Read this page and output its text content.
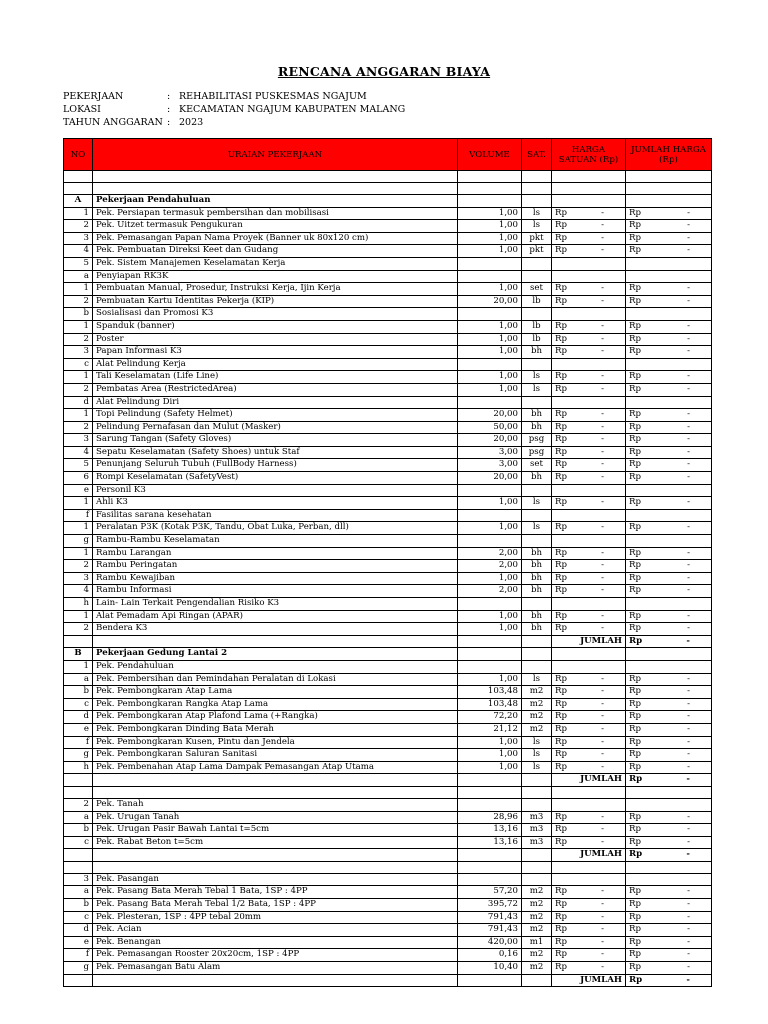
RENCANA ANGGARAN BIAYA
PEKERJAAN	: REHABILITASI PUSKESMAS NGAJUM
LOKASI	: KECAMATAN NGAJUM KABUPATEN MALANG
TAHUN ANGGARAN : 2023
NO	URAIAN PEKERJAAN	VOLUME	SAT.	HARGA SATUAN (Rp)	JUMLAH HARGA (Rp)

A	Pekerjaan Pendahuluan				
1	Pek. Persiapan termasuk pembersihan dan mobilisasi	1,00	ls	Rp -	Rp -

2	Pek. Uitzet termasuk Pengukuran	1,00	ls	Rp -	Rp -

3	Pek. Pemasangan Papan Nama Proyek (Banner uk 80x120 cm)	1,00	pkt	Rp -	Rp -

4	Pek. Pembuatan Direksi Keet dan Gudang	1,00	pkt	Rp -	Rp -

5	Pek. Sistem Manajemen Keselamatan Kerja				
a	Penyiapan RK3K				
1	Pembuatan Manual, Prosedur, Instruksi Kerja, Ijin Kerja	1,00	set	Rp -	Rp -

2	Pembuatan Kartu Identitas Pekerja (KIP)	20,00	lb	Rp -	Rp -

b	Sosialisasi dan Promosi K3				
1	Spanduk (banner)	1,00	lb	Rp -	Rp -

2	Poster	1,00	lb	Rp -	Rp -

3	Papan Informasi K3	1,00	bh	Rp -	Rp -

c	Alat Pelindung Kerja				
1	Tali Keselamatan (Life Line)	1,00	ls	Rp -	Rp -

2	Pembatas Area (RestrictedArea)	1,00	ls	Rp -	Rp -

d	Alat Pelindung Diri				
1	Topi Pelindung (Safety Helmet)	20,00	bh	Rp -	Rp -

2	Pelindung Pernafasan dan Mulut (Masker)	50,00	bh	Rp -	Rp -

3	Sarung Tangan (Safety Gloves)	20,00	psg	Rp -	Rp -

4	Sepatu Keselamatan (Safety Shoes) untuk Staf	3,00	psg	Rp -	Rp -

5	Penunjang Seluruh Tubuh (FullBody Harness)	3,00	set	Rp -	Rp -

6	Rompi Keselamatan (SafetyVest)	20,00	bh	Rp -	Rp -

e	Personil K3				
1	Ahli K3	1,00	ls	Rp -	Rp -

f	Fasilitas sarana kesehatan				
1	Peralatan P3K (Kotak P3K, Tandu, Obat Luka, Perban, dll)	1,00	ls	Rp -	Rp -

g	Rambu-Rambu Keselamatan				
1	Rambu Larangan	2,00	bh	Rp -	Rp -

2	Rambu Peringatan	2,00	bh	Rp -	Rp -

3	Rambu Kewajiban	1,00	bh	Rp -	Rp -

4	Rambu Informasi	2,00	bh	Rp -	Rp -

h	Lain- Lain Terkait Pengendalian Risiko K3				
1	Alat Pemadam Api Ringan (APAR)	1,00	bh	Rp -	Rp -

2	Bendera K3	1,00	bh	Rp -	Rp -

				JUMLAH	Rp -

B	Pekerjaan Gedung Lantai 2				
1	Pek. Pendahuluan				
a	Pek. Pembersihan dan Pemindahan Peralatan di Lokasi	1,00	ls	Rp -	Rp -

b	Pek. Pembongkaran Atap Lama	103,48	m2	Rp -	Rp -

c	Pek. Pembongkaran Rangka Atap Lama	103,48	m2	Rp -	Rp -

d	Pek. Pembongkaran Atap Plafond Lama (+Rangka)	72,20	m2	Rp -	Rp -

e	Pek. Pembongkaran Dinding Bata Merah	21,12	m2	Rp -	Rp -

f	Pek. Pembongkaran Kusen, Pintu dan Jendela	1,00	ls	Rp -	Rp -

g	Pek. Pembongkaran Saluran Sanitasi	1,00	ls	Rp -	Rp -

h	Pek. Pembenahan Atap Lama Dampak Pemasangan Atap Utama	1,00	ls	Rp -	Rp -

				JUMLAH	Rp -

2	Pek. Tanah				
a	Pek. Urugan Tanah	28,96	m3	Rp -	Rp -

b	Pek. Urugan Pasir Bawah Lantai t=5cm	13,16	m3	Rp -	Rp -

c	Pek. Rabat Beton t=5cm	13,16	m3	Rp -	Rp -

				JUMLAH	Rp -

3	Pek. Pasangan				
a	Pek. Pasang Bata Merah Tebal 1 Bata, 1SP : 4PP	57,20	m2	Rp -	Rp -

b	Pek. Pasang Bata Merah Tebal 1/2 Bata, 1SP : 4PP	395,72	m2	Rp -	Rp -

c	Pek. Plesteran, 1SP : 4PP tebal 20mm	791,43	m2	Rp -	Rp -

d	Pek. Acian	791,43	m2	Rp -	Rp -

e	Pek. Benangan	420,00	m1	Rp -	Rp -

f	Pek. Pemasangan Rooster 20x20cm, 1SP : 4PP	0,16	m2	Rp -	Rp -

g	Pek. Pemasangan Batu Alam	10,40	m2	Rp -	Rp -

				JUMLAH	Rp -
